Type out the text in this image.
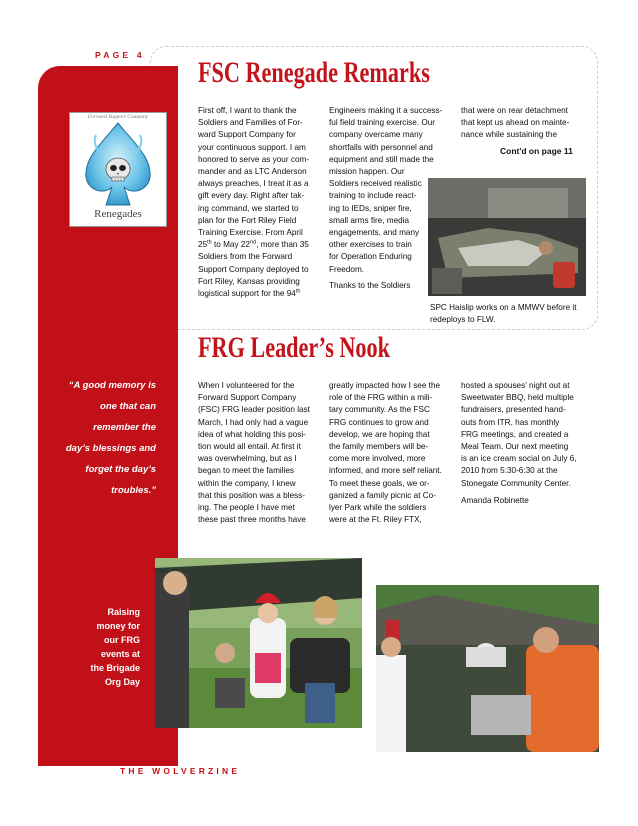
PAGE 4
Forward Support Company
Renegades
FSC Renegade Remarks

First off, I want to thank the

Soldiers and Families of For-

ward Support Company for

your continuous support. I am

honored to serve as your com-

mander and as LTC Anderson

always preaches, I treat it as a

gift every day. Right after tak-

ing command, we started to

plan for the Fort Riley Field

Training Exercise. From April

25th to May 22nd, more than 35

Soldiers from the Forward

Support Company deployed to

Fort Riley, Kansas providing

logistical support for the 94th

Engineers making it a success-

ful field training exercise. Our

company overcame many

shortfalls with personnel and

equipment and still made the

mission happen. Our

Soldiers received realistic

training to include react-

ing to IEDs, sniper fire,

small arms fire, media

engagements, and many

other exercises to train

for Operation Enduring

Freedom.

Thanks to the Soldiers

that were on rear detachment

that kept us ahead on mainte-

nance while sustaining the

Cont'd on page 11
SPC Haislip works on a MMWV before it redeploys to FLW.
FRG Leader’s Nook

When I volunteered for the

Forward Support Company

(FSC) FRG leader position last

March, I had only had a vague

idea of what holding this posi-

tion would all entail. At first it

was overwhelming, but as I

began to meet the families

within the company, I knew

that this position was a bless-

ing. The people I have met

these past three months have

greatly impacted how I see the

role of the FRG within a mili-

tary community. As the FSC

FRG continues to grow and

develop, we are hoping that

the family members will be-

come more involved, more

informed, and more self reliant.

To meet these goals, we or-

ganized a family picnic at Co-

lyer Park while the soldiers

were at the Ft. Riley FTX,

hosted a spouses’ night out at

Sweetwater BBQ, held multiple

fundraisers, presented hand-

outs from ITR, has monthly

FRG meetings, and created a

Meal Team. Our next meeting

is an ice cream social on July 6,

2010 from 5:30-6:30 at the

Stonegate Community Center.

Amanda Robinette

“A good memory is
one that can
remember the
day’s blessings and
forget the day’s
troubles.”
Raising
money for
our FRG
events at
the Brigade
Org Day
THE WOLVERZINE
